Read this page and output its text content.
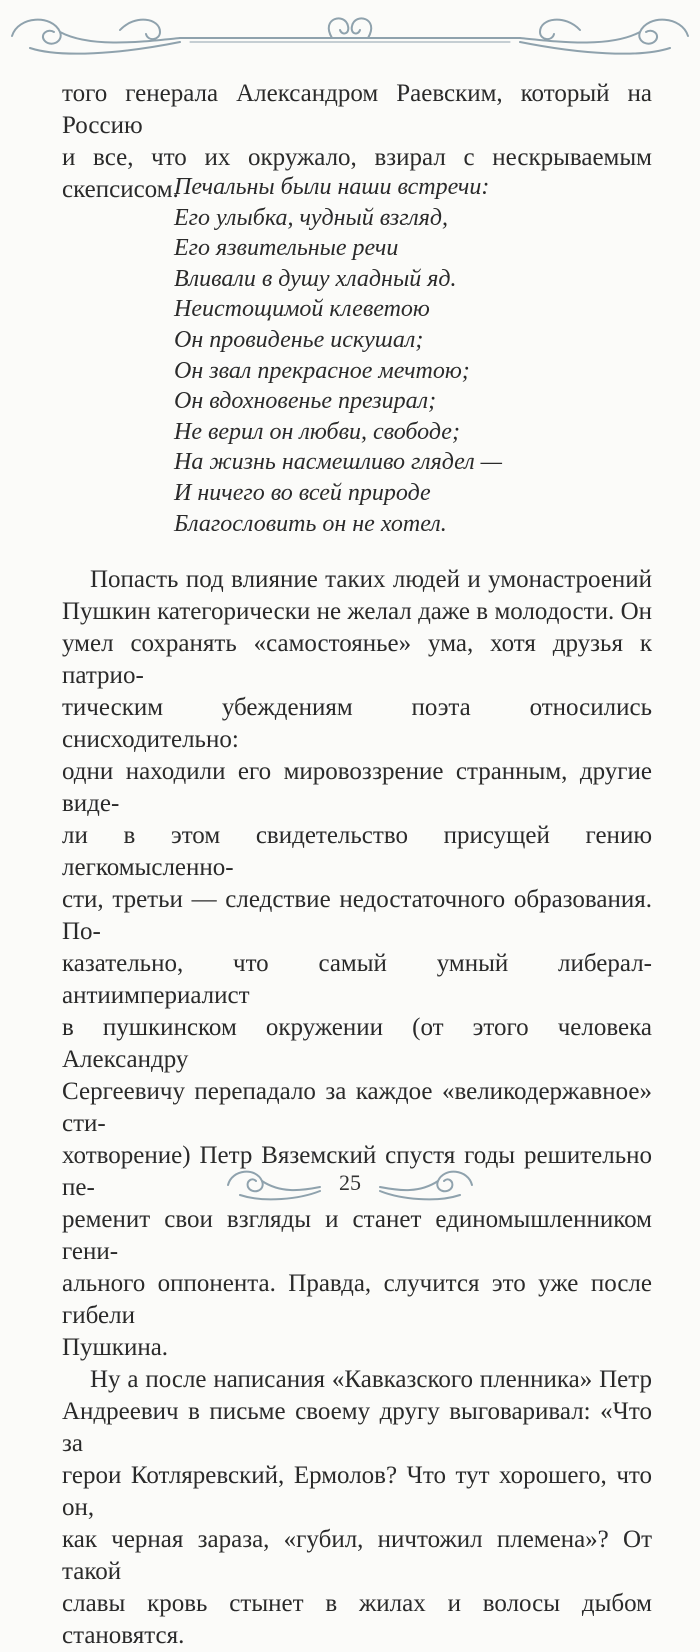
того генерала Александром Раевским, который на Россию

и все, что их окружало, взирал с нескрываемым скепсисом.

Печальны были наши встречи:
Его улыбка, чудный взгляд,
Его язвительные речи
Вливали в душу хладный яд.
Неистощимой клеветою
Он провиденье искушал;
Он звал прекрасное мечтою;
Он вдохновенье презирал;
Не верил он любви, свободе;
На жизнь насмешливо глядел —
И ничего во всей природе
Благословить он не хотел.

Попасть под влияние таких людей и умонастроений

Пушкин категорически не желал даже в молодости. Он

умел сохранять «самостоянье» ума, хотя друзья к патрио-

тическим убеждениям поэта относились снисходительно:

одни находили его мировоззрение странным, другие виде-

ли в этом свидетельство присущей гению легкомысленно-

сти, третьи — следствие недостаточного образования. По-

казательно, что самый умный либерал-антиимпериалист

в пушкинском окружении (от этого человека Александру

Сергеевичу перепадало за каждое «великодержавное» сти-

хотворение) Петр Вяземский спустя годы решительно пе-

ременит свои взгляды и станет единомышленником гени-

ального оппонента. Правда, случится это уже после гибели

Пушкина.

Ну а после написания «Кавказского пленника» Петр

Андреевич в письме своему другу выговаривал: «Что за

герои Котляревский, Ермолов? Что тут хорошего, что он,

как черная зараза, «губил, ничтожил племена»? От такой

славы кровь стынет в жилах и волосы дыбом становятся.

25
